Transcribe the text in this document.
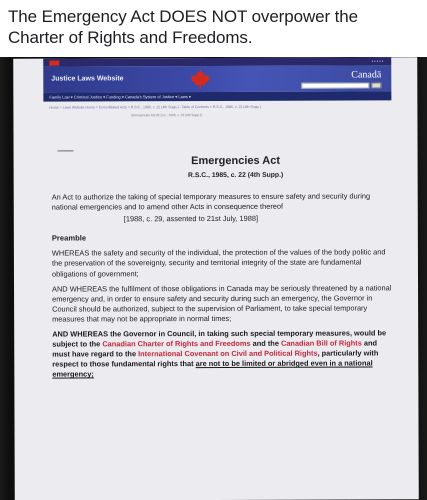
The Emergency Act DOES NOT overpower the
Charter of Rights and Freedoms.
▪ ▪ ▪ ▪ ▪
Justice Laws Website	Canadä
Family Law ▾ Criminal Justice ▾ Funding ▾ Canada's System of Justice ▾ Laws ▾
Home > Laws Website Home > Consolidated Acts > R.S.C., 1985, c. 22 (4th Supp.) - Table of Contents > R.S.C., 1985, c. 22 (4th Supp.)
Emergencies Act (R.S.C., 1985, c. 22 (4th Supp.))
▬▬▬▬
Emergencies Act
R.S.C., 1985, c. 22 (4th Supp.)
An Act to authorize the taking of special temporary measures to ensure safety and security during national emergencies and to amend other Acts in consequence thereof
[1988, c. 29, assented to 21st July, 1988]
Preamble
WHEREAS the safety and security of the individual, the protection of the values of the body politic and the preservation of the sovereignty, security and territorial integrity of the state are fundamental obligations of government;
AND WHEREAS the fulfilment of those obligations in Canada may be seriously threatened by a national emergency and, in order to ensure safety and security during such an emergency, the Governor in Council should be authorized, subject to the supervision of Parliament, to take special temporary measures that may not be appropriate in normal times;
AND WHEREAS the Governor in Council, in taking such special temporary measures, would be subject to the Canadian Charter of Rights and Freedoms and the Canadian Bill of Rights and must have regard to the International Covenant on Civil and Political Rights, particularly with respect to those fundamental rights that are not to be limited or abridged even in a national emergency;
